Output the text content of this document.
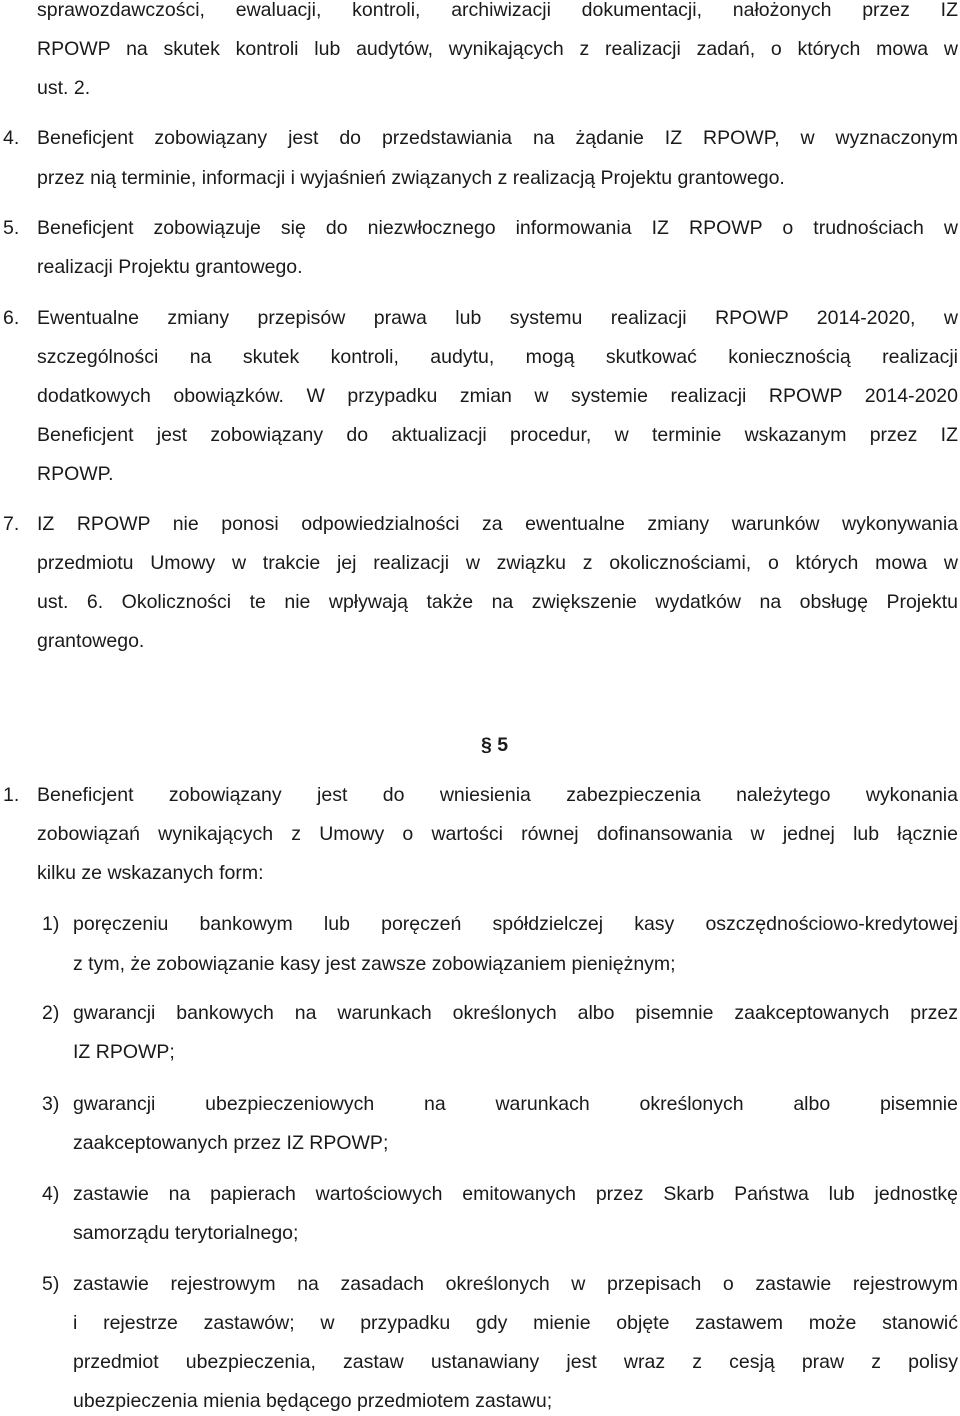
sprawozdawczości, ewaluacji, kontroli, archiwizacji dokumentacji, nałożonych przez IZ
RPOWP na skutek kontroli lub audytów, wynikających z realizacji zadań, o których mowa w
ust. 2.
4. Beneficjent zobowiązany jest do przedstawiania na żądanie IZ RPOWP, w wyznaczonym
przez nią terminie, informacji i wyjaśnień związanych z realizacją Projektu grantowego.
5. Beneficjent zobowiązuje się do niezwłocznego informowania IZ RPOWP o trudnościach w
realizacji Projektu grantowego.
6. Ewentualne zmiany przepisów prawa lub systemu realizacji RPOWP 2014-2020, w
szczególności na skutek kontroli, audytu, mogą skutkować koniecznością realizacji
dodatkowych obowiązków. W przypadku zmian w systemie realizacji RPOWP 2014-2020
Beneficjent jest zobowiązany do aktualizacji procedur, w terminie wskazanym przez IZ
RPOWP.
7. IZ RPOWP nie ponosi odpowiedzialności za ewentualne zmiany warunków wykonywania
przedmiotu Umowy w trakcie jej realizacji w związku z okolicznościami, o których mowa w
ust. 6. Okoliczności te nie wpływają także na zwiększenie wydatków na obsługę Projektu
grantowego.
§ 5
1. Beneficjent zobowiązany jest do wniesienia zabezpieczenia należytego wykonania
zobowiązań wynikających z Umowy o wartości równej dofinansowania w jednej lub łącznie
kilku ze wskazanych form:
1) poręczeniu bankowym lub poręczeń spółdzielczej kasy oszczędnościowo-kredytowej
z tym, że zobowiązanie kasy jest zawsze zobowiązaniem pieniężnym;
2) gwarancji bankowych na warunkach określonych albo pisemnie zaakceptowanych przez
IZ RPOWP;
3) gwarancji ubezpieczeniowych na warunkach określonych albo pisemnie
zaakceptowanych przez IZ RPOWP;
4) zastawie na papierach wartościowych emitowanych przez Skarb Państwa lub jednostkę
samorządu terytorialnego;
5) zastawie rejestrowym na zasadach określonych w przepisach o zastawie rejestrowym
i rejestrze zastawów; w przypadku gdy mienie objęte zastawem może stanowić
przedmiot ubezpieczenia, zastaw ustanawiany jest wraz z cesją praw z polisy
ubezpieczenia mienia będącego przedmiotem zastawu;
